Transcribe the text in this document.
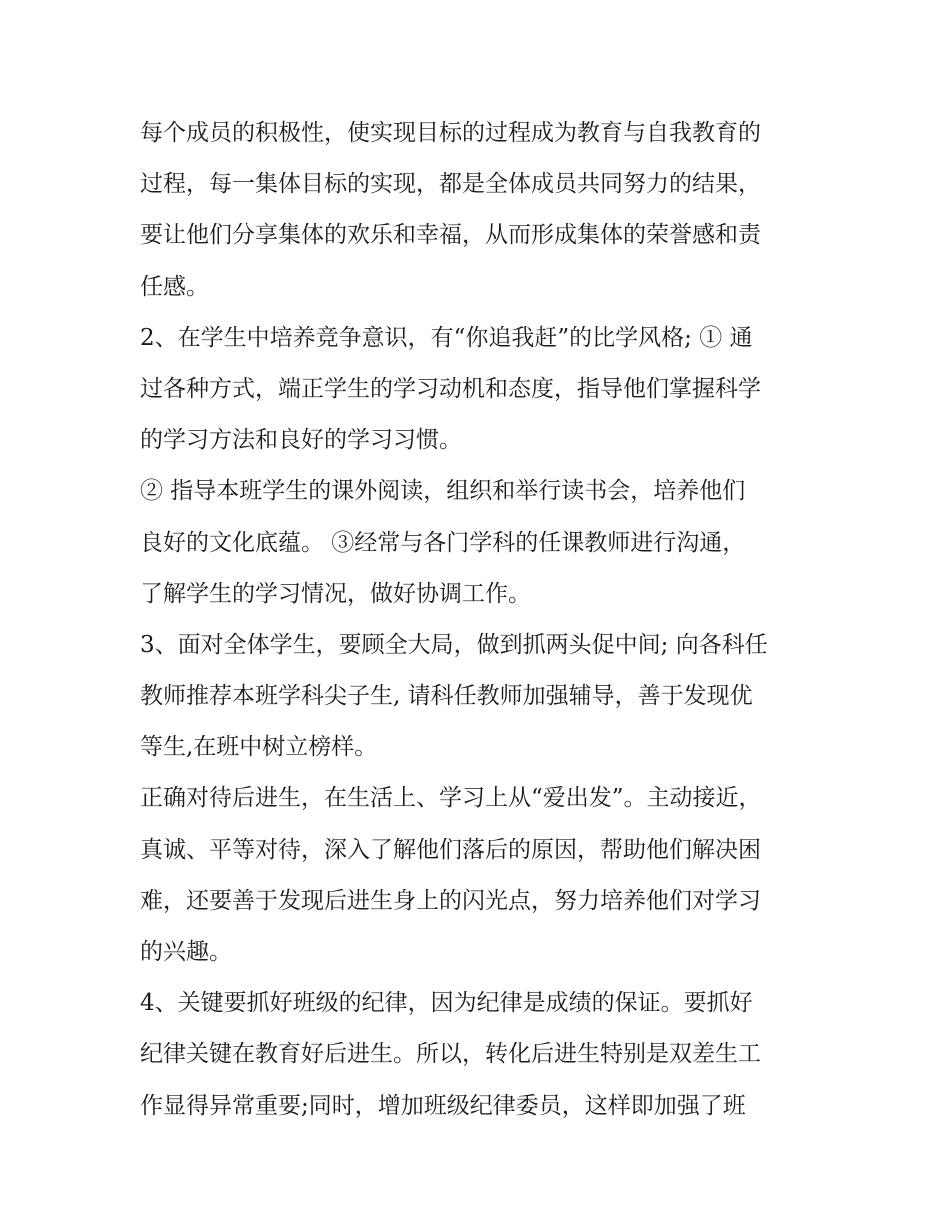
每个成员的积极性，使实现目标的过程成为教育与自我教育的
过程，每一集体目标的实现，都是全体成员共同努力的结果，
要让他们分享集体的欢乐和幸福，从而形成集体的荣誉感和责
任感。
2、在学生中培养竞争意识，有“你追我赶”的比学风格; ① 通
过各种方式，端正学生的学习动机和态度，指导他们掌握科学
的学习方法和良好的学习习惯。
② 指导本班学生的课外阅读，组织和举行读书会，培养他们
良好的文化底蕴。 ③经常与各门学科的任课教师进行沟通，
了解学生的学习情况，做好协调工作。
3、面对全体学生，要顾全大局，做到抓两头促中间; 向各科任
教师推荐本班学科尖子生, 请科任教师加强辅导，善于发现优
等生,在班中树立榜样。
正确对待后进生，在生活上、学习上从“爱出发”。主动接近，
真诚、平等对待，深入了解他们落后的原因，帮助他们解决困
难，还要善于发现后进生身上的闪光点，努力培养他们对学习
的兴趣。
4、关键要抓好班级的纪律，因为纪律是成绩的保证。要抓好
纪律关键在教育好后进生。所以，转化后进生特别是双差生工
作显得异常重要;同时，增加班级纪律委员，这样即加强了班
